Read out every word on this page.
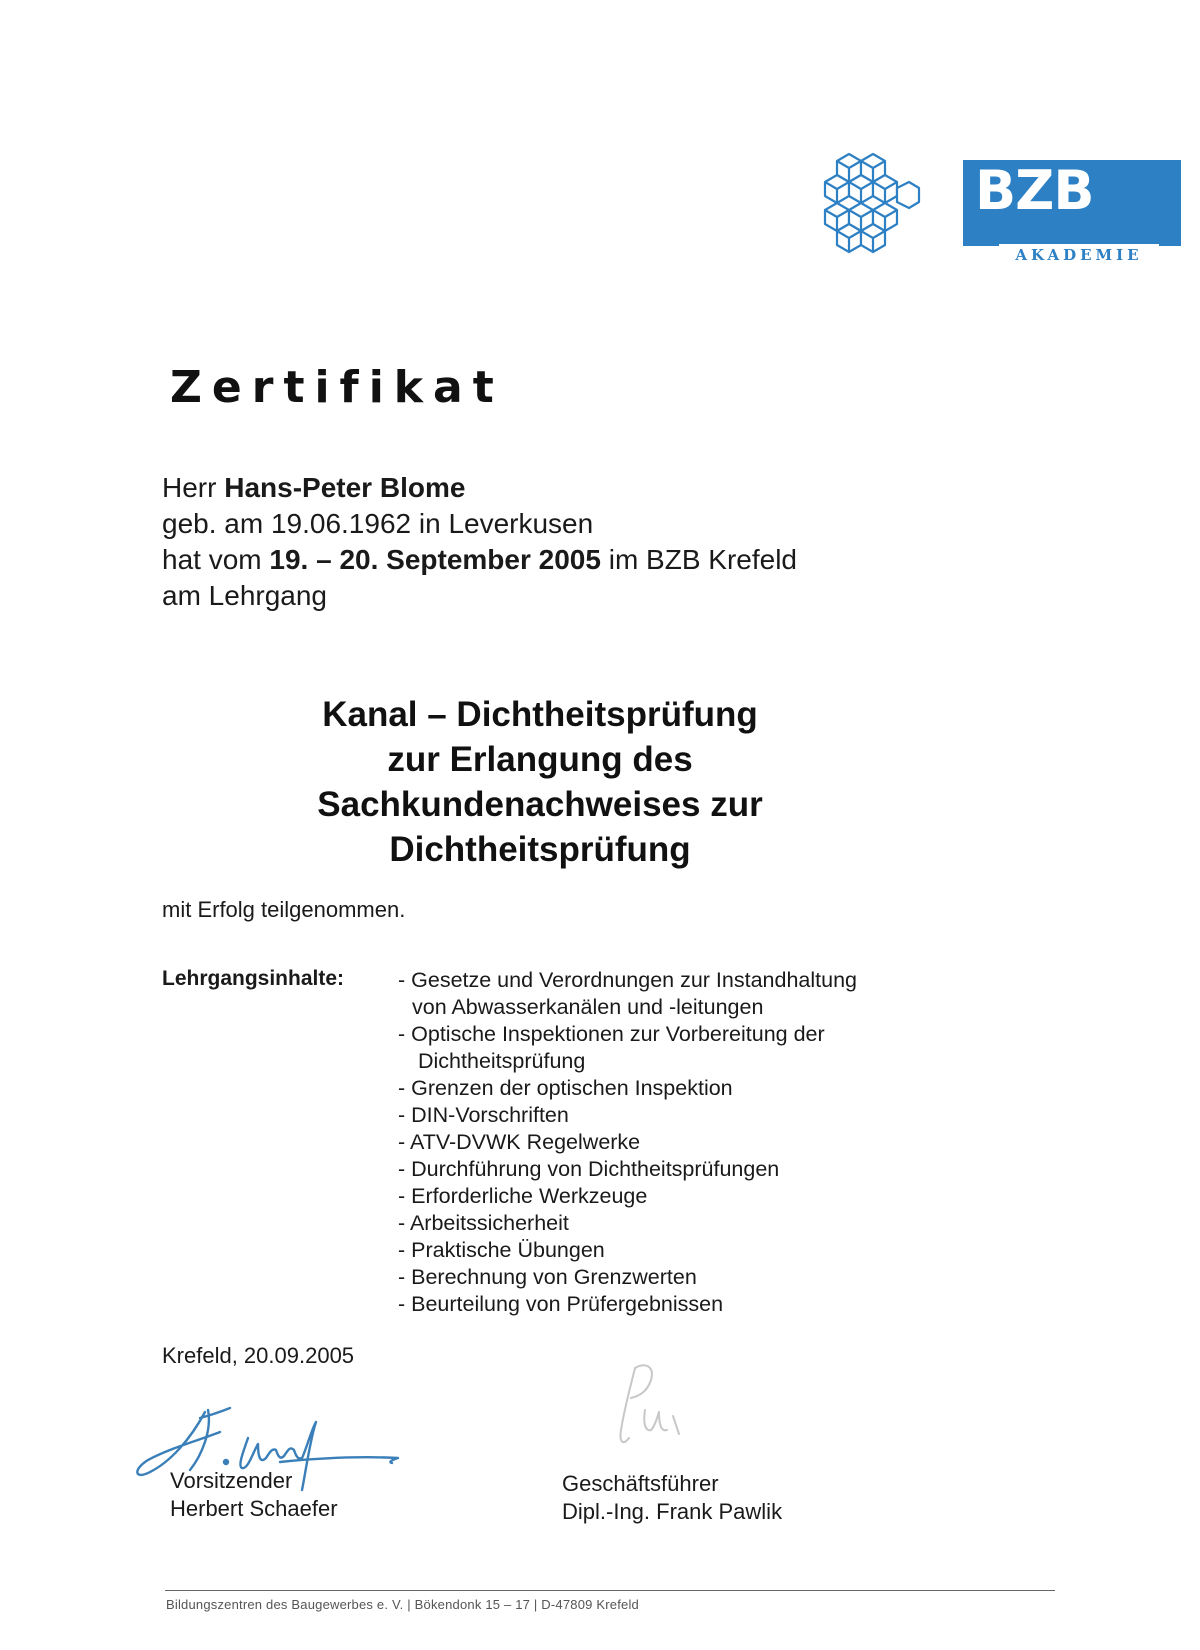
BZB
AKADEMIE
Zertifikat
Herr Hans-Peter Blome
geb. am 19.06.1962 in Leverkusen
hat vom 19. – 20. September 2005 im BZB Krefeld
am Lehrgang
Kanal – Dichtheitsprüfung
zur Erlangung des
Sachkundenachweises zur
Dichtheitsprüfung
mit Erfolg teilgenommen.
Lehrgangsinhalte:	- Gesetze und Verordnungen zur Instandhaltung
von Abwasserkanälen und -leitungen
- Optische Inspektionen zur Vorbereitung der
Dichtheitsprüfung
- Grenzen der optischen Inspektion
- DIN-Vorschriften
- ATV-DVWK Regelwerke
- Durchführung von Dichtheitsprüfungen
- Erforderliche Werkzeuge
- Arbeitssicherheit
- Praktische Übungen
- Berechnung von Grenzwerten
- Beurteilung von Prüfergebnissen
Krefeld, 20.09.2005
Vorsitzender
Herbert Schaefer
Geschäftsführer
Dipl.-Ing. Frank Pawlik
Bildungszentren des Baugewerbes e. V. | Bökendonk 15 – 17 | D-47809 Krefeld
